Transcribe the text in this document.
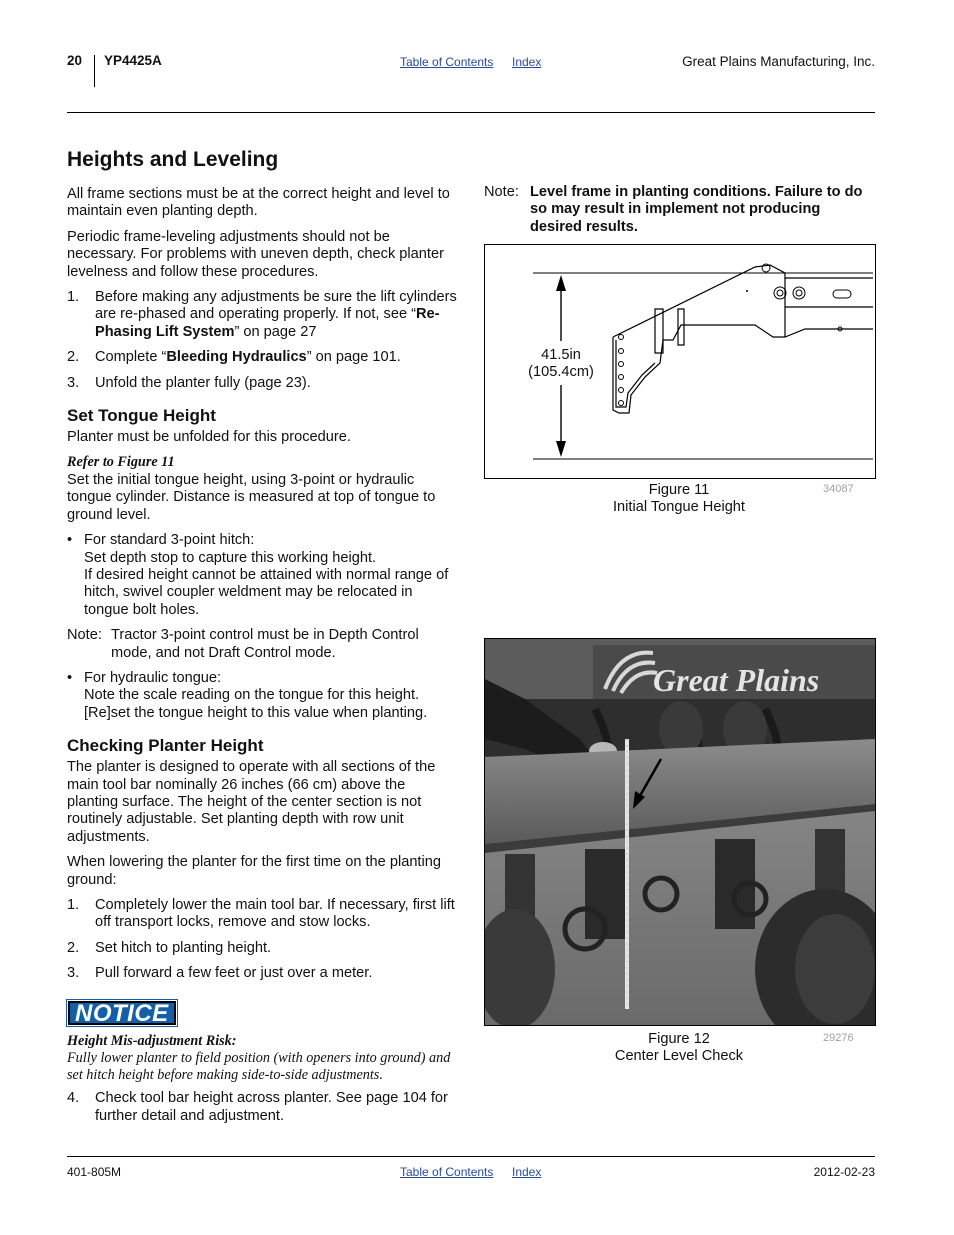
20 YP4425A	Table of Contents Index	Great Plains Manufacturing, Inc.
Heights and Leveling

All frame sections must be at the correct height and level to maintain even planting depth.

Periodic frame-leveling adjustments should not be necessary. For problems with uneven depth, check planter levelness and follow these procedures.

1.	Before making any adjustments be sure the lift cylinders are re-phased and operating properly. If not, see “Re-Phasing Lift System” on page 27
2.	Complete “Bleeding Hydraulics” on page 101.
3.	Unfold the planter fully (page 23).
Set Tongue Height

Planter must be unfolded for this procedure.

Refer to Figure 11

Set the initial tongue height, using 3-point or hydraulic tongue cylinder. Distance is measured at top of tongue to ground level.

• For standard 3-point hitch:
Set depth stop to capture this working height.
If desired height cannot be attained with normal range of hitch, swivel coupler weldment may be relocated in tongue bolt holes.
Note: Tractor 3-point control must be in Depth Control mode, and not Draft Control mode.
• For hydraulic tongue:
Note the scale reading on the tongue for this height. [Re]set the tongue height to this value when planting.
Checking Planter Height

The planter is designed to operate with all sections of the main tool bar nominally 26 inches (66 cm) above the planting surface. The height of the center section is not routinely adjustable. Set planting depth with row unit adjustments.

When lowering the planter for the first time on the planting ground:

1.	Completely lower the main tool bar. If necessary, first lift off transport locks, remove and stow locks.
2.	Set hitch to planting height.
3.	Pull forward a few feet or just over a meter.
NOTICE

Height Mis-adjustment Risk:

Fully lower planter to field position (with openers into ground) and set hitch height before making side-to-side adjustments.

4.	Check tool bar height across planter. See page 104 for further detail and adjustment.
Note: Level frame in planting conditions. Failure to do so may result in implement not producing desired results.
41.5in
(105.4cm)
Figure 11
Initial Tongue Height
34087
Great Plains
Figure 12
Center Level Check
29276
401-805M	Table of Contents Index	2012-02-23
